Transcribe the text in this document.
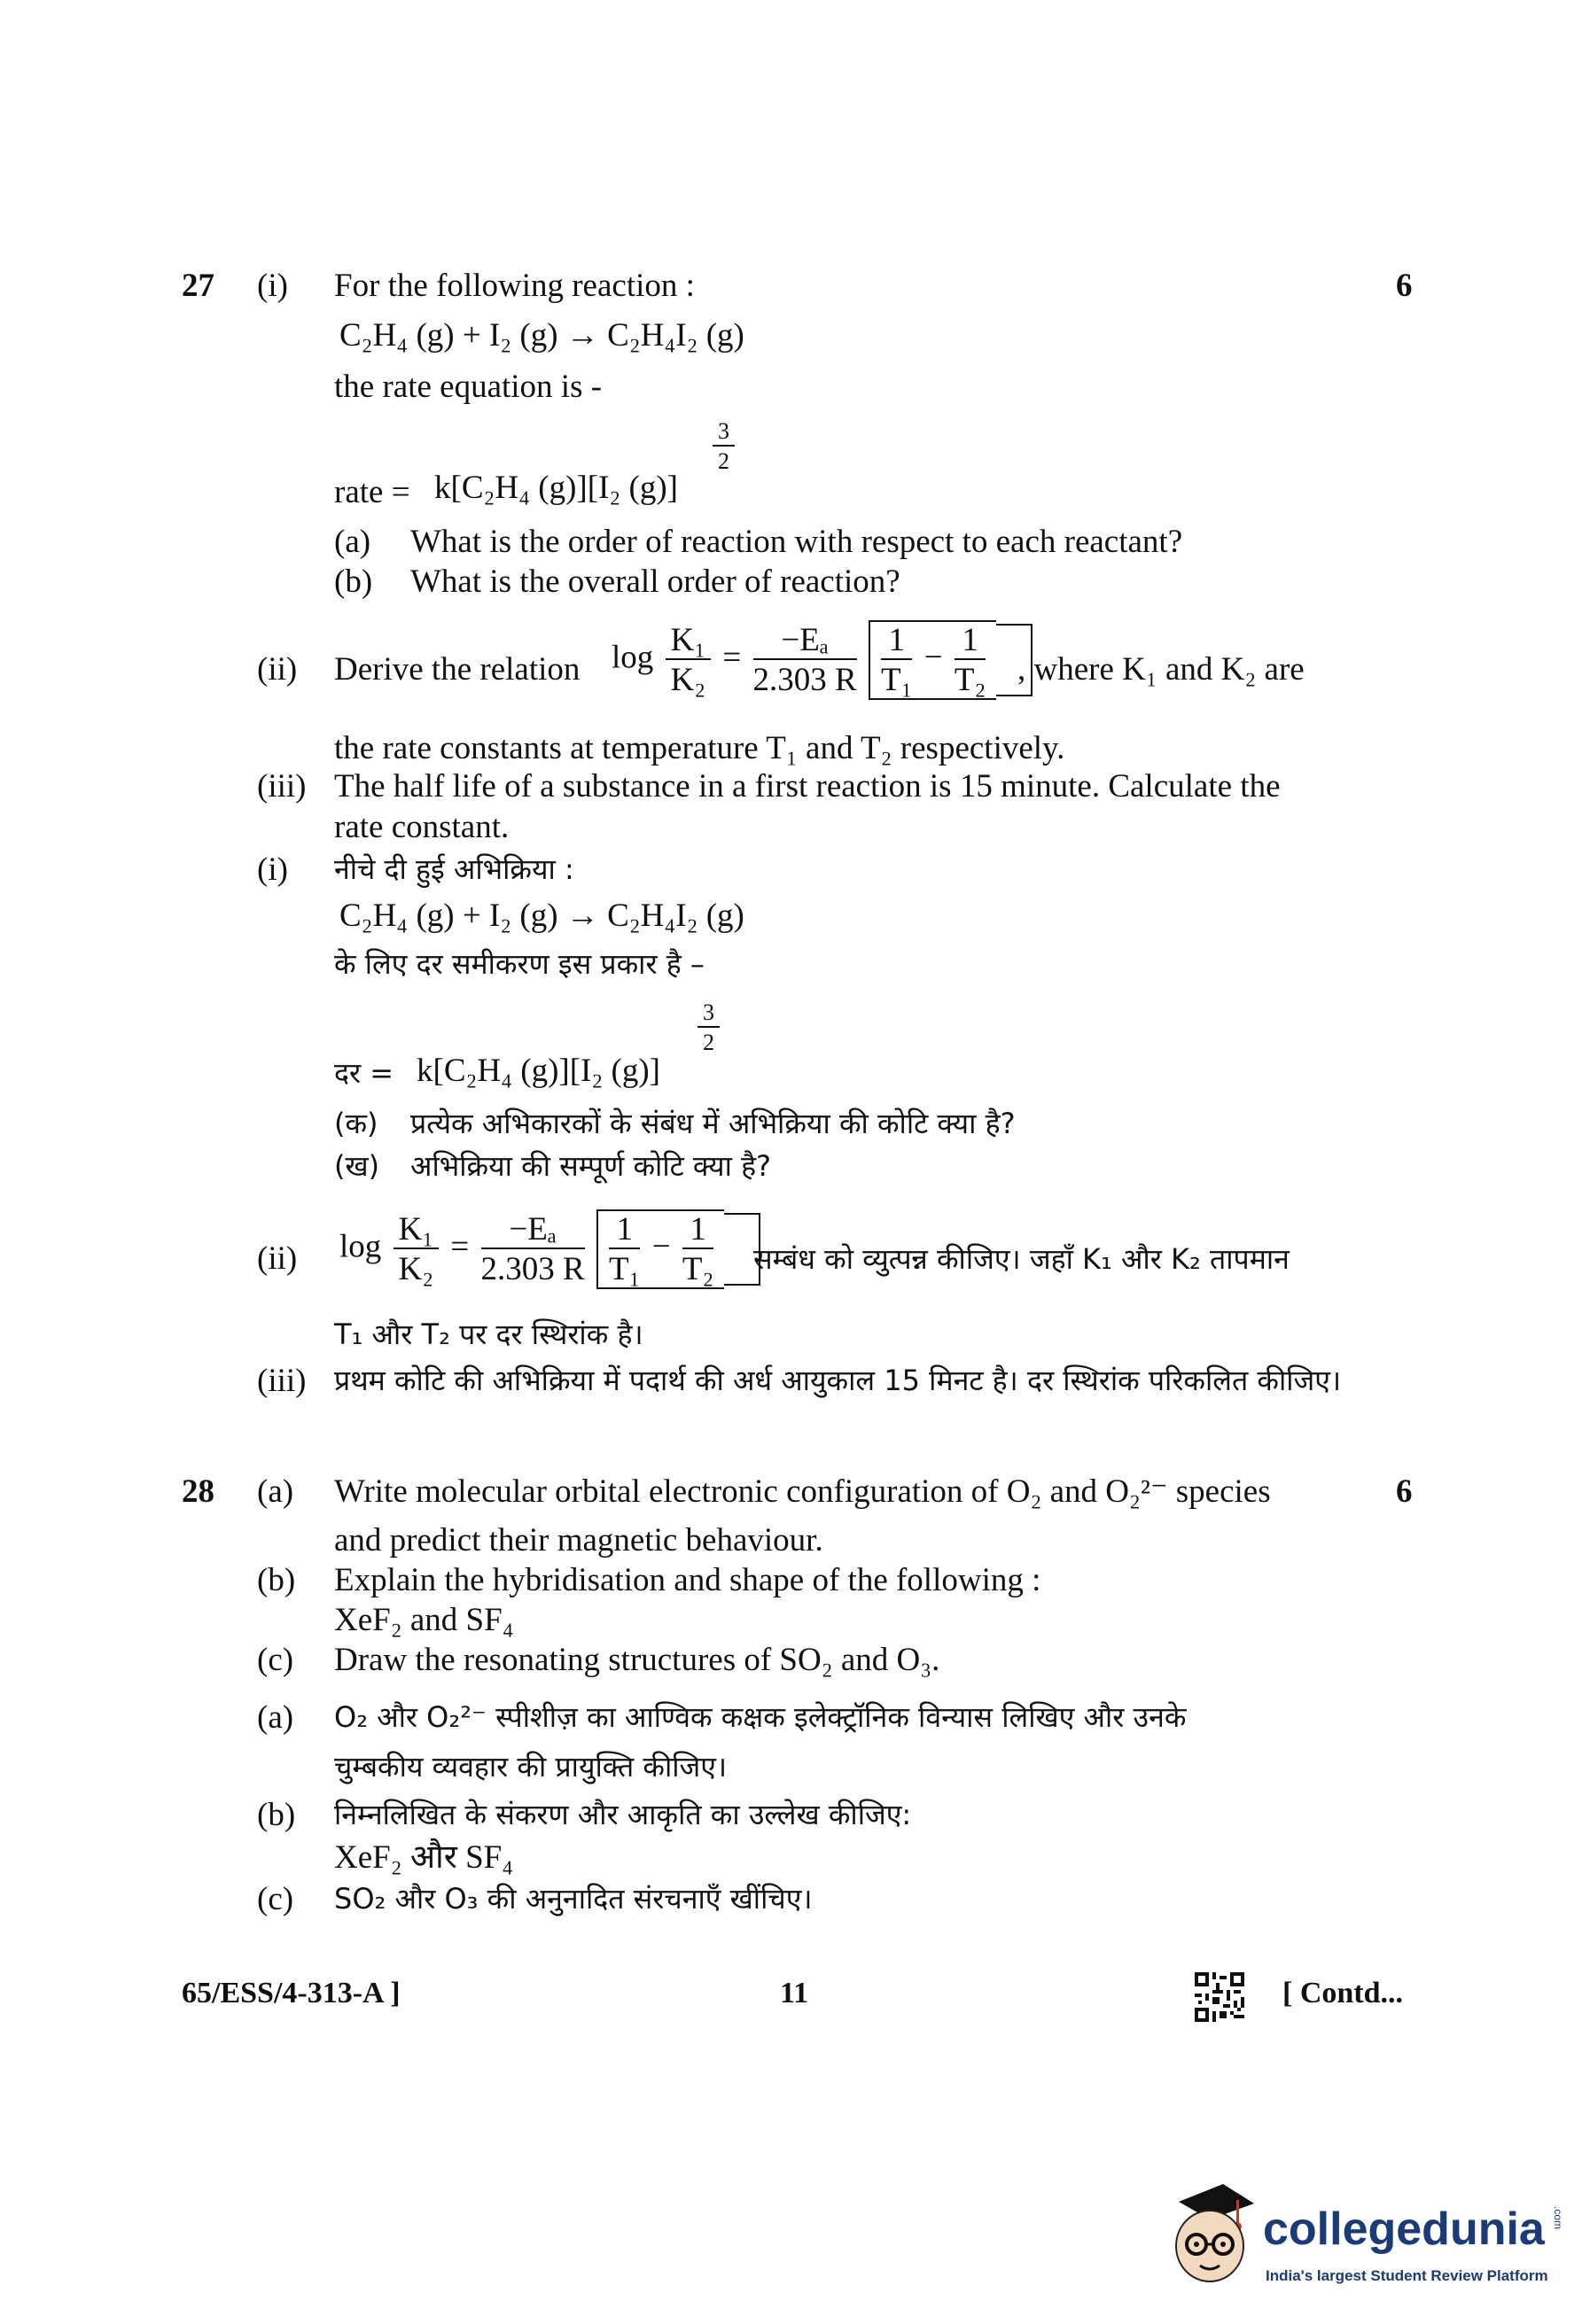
27	6
(i) For the following reaction :
C₂H₄ (g) + I₂ (g) → C₂H₄I₂ (g)
the rate equation is -
rate = k[C₂H₄ (g)][I₂ (g)]
$\frac{3}{2}$
(a) What is the order of reaction with respect to each reactant?
(b) What is the overall order of reaction?
(ii) Derive the relation $\log \frac{\text{K₁}}{\text{K₂}} = \frac{\text{−Eₐ}}{2.303 R}$
$\frac{1}{\text{T₁}} - \frac{1}{\text{T₂}}$ , where K₁ and K₂ are
the rate constants at temperature T₁ and T₂ respectively.
(iii) The half life of a substance in a first reaction is 15 minute. Calculate the
rate constant.
(i) नीचे दी हुई अभिक्रिया :
C₂H₄ (g) + I₂ (g) → C₂H₄I₂ (g)
के लिए दर समीकरण इस प्रकार है –
दर = k[C₂H₄ (g)][I₂ (g)]
$\frac{3}{2}$
(क) प्रत्येक अभिकारकों के संबंध में अभिक्रिया की कोटि क्या है?
(ख) अभिक्रिया की सम्पूर्ण कोटि क्या है?
(ii) $\log \frac{\text{K₁}}{\text{K₂}} = \frac{\text{−Eₐ}}{2.303 R}$
$\frac{1}{\text{T₁}} - \frac{1}{\text{T₂}}$ सम्बंध को व्युत्पन्न कीजिए। जहाँ K₁ और K₂ तापमान
T₁ और T₂ पर दर स्थिरांक है।
(iii) प्रथम कोटि की अभिक्रिया में पदार्थ की अर्ध आयुकाल 15 मिनट है। दर स्थिरांक परिकलित कीजिए।
28	6
(a) Write molecular orbital electronic configuration of O₂ and O₂²⁻ species
and predict their magnetic behaviour.
(b) Explain the hybridisation and shape of the following :
XeF₂ and SF₄
(c) Draw the resonating structures of SO₂ and O₃.
(a) O₂ और O₂²⁻ स्पीशीज़ का आण्विक कक्षक इलेक्ट्रॉनिक विन्यास लिखिए और उनके
चुम्बकीय व्यवहार की प्रायुक्ति कीजिए।
(b) निम्नलिखित के संकरण और आकृति का उल्लेख कीजिए:
XeF₂ और SF₄
(c) SO₂ और O₃ की अनुनादित संरचनाएँ खींचिए।
65/ESS/4-313-A ]	11	[ Contd...
collegedunia .com
India's largest Student Review Platform
